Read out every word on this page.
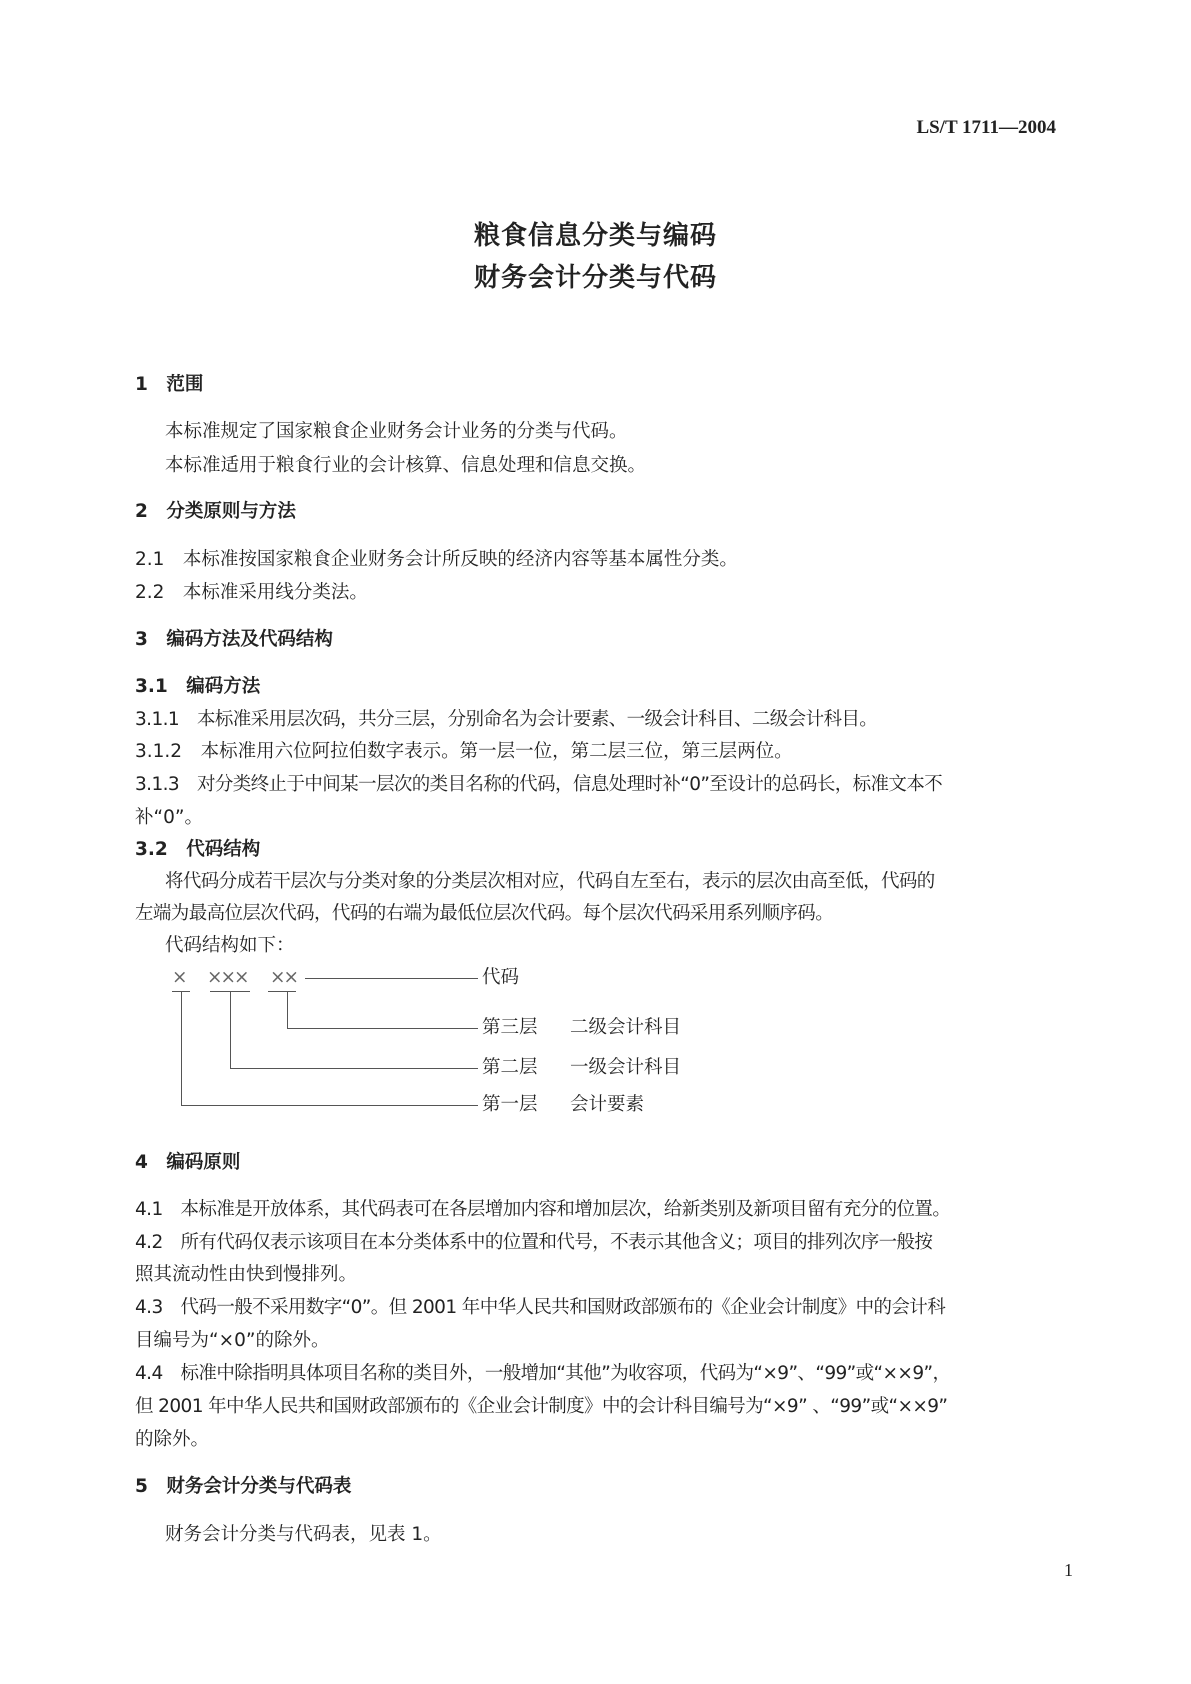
LS/T 1711—2004
粮食信息分类与编码
财务会计分类与代码
1　范围
本标准规定了国家粮食企业财务会计业务的分类与代码。
本标准适用于粮食行业的会计核算、信息处理和信息交换。
2　分类原则与方法
2.1　本标准按国家粮食企业财务会计所反映的经济内容等基本属性分类。
2.2　本标准采用线分类法。
3　编码方法及代码结构
3.1　编码方法
3.1.1　本标准采用层次码，共分三层，分别命名为会计要素、一级会计科目、二级会计科目。
3.1.2　本标准用六位阿拉伯数字表示。第一层一位，第二层三位，第三层两位。
3.1.3　对分类终止于中间某一层次的类目名称的代码，信息处理时补“0”至设计的总码长，标准文本不
补“0”。
3.2　代码结构
将代码分成若干层次与分类对象的分类层次相对应，代码自左至右，表示的层次由高至低，代码的
左端为最高位层次代码，代码的右端为最低位层次代码。每个层次代码采用系列顺序码。
代码结构如下：
× ××× ××	代码
第三层 二级会计科目
第二层 一级会计科目
第一层 会计要素
4　编码原则
4.1　本标准是开放体系，其代码表可在各层增加内容和增加层次，给新类别及新项目留有充分的位置。
4.2　所有代码仅表示该项目在本分类体系中的位置和代号，不表示其他含义；项目的排列次序一般按
照其流动性由快到慢排列。
4.3　代码一般不采用数字“0”。但 2001 年中华人民共和国财政部颁布的《企业会计制度》中的会计科
目编号为“×0”的除外。
4.4　标准中除指明具体项目名称的类目外，一般增加“其他”为收容项，代码为“×9”、“99”或“××9”，
但 2001 年中华人民共和国财政部颁布的《企业会计制度》中的会计科目编号为“×9” 、“99”或“××9”
的除外。
5　财务会计分类与代码表
财务会计分类与代码表，见表 1。
1
